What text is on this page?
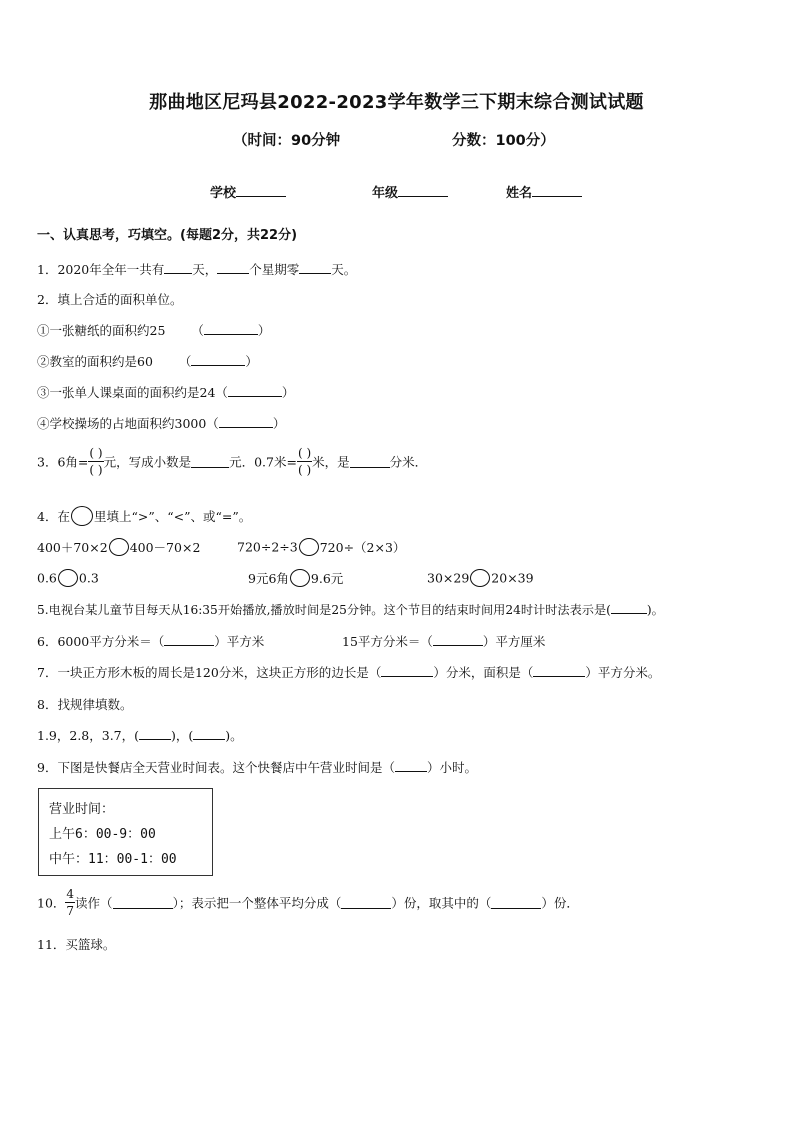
那曲地区尼玛县2022-2023学年数学三下期末综合测试试题
（时间：90分钟	分数：100分）
学校	年级	姓名
一、认真思考，巧填空。(每题2分，共22分)
1．2020年全年一共有 天，	个星期零	天。
2．填上合适的面积单位。
①一张糖纸的面积约25 （	）
②教室的面积约是60 （	）
③一张单人课桌面的面积约是24（	）
④学校操场的占地面积约3000（	）
3．6角= $\frac{( )}{( )}$ 元，写成小数是	元．0.7米= $\frac{( )}{( )}$ 米，是	分米．
4．在 里填上“>”、“<”、或“=”。
400＋70×2 400－70×2	720÷2÷3 720÷（2×3）
0.6 0.3	9元6角 9.6元	30×29 20×39
5.电视台某儿童节目每天从16:35开始播放,播放时间是25分钟。这个节目的结束时间用24时计时法表示是(	)。
6．6000平方分米＝（	）平方米	15平方分米＝（	）平方厘米
7．一块正方形木板的周长是120分米，这块正方形的边长是（	）分米，面积是（	）平方分米。
8．找规律填数。
1.9，2.8，3.7，(	)，(	)。
9．下图是快餐店全天营业时间表。这个快餐店中午营业时间是（	）小时。
营业时间：
上午6：00-9：00
中午：11：00-1：00
10． $\frac{4}{7}$ 读作（	）；表示把一个整体平均分成（	）份，取其中的（	）份．
11．买篮球。
